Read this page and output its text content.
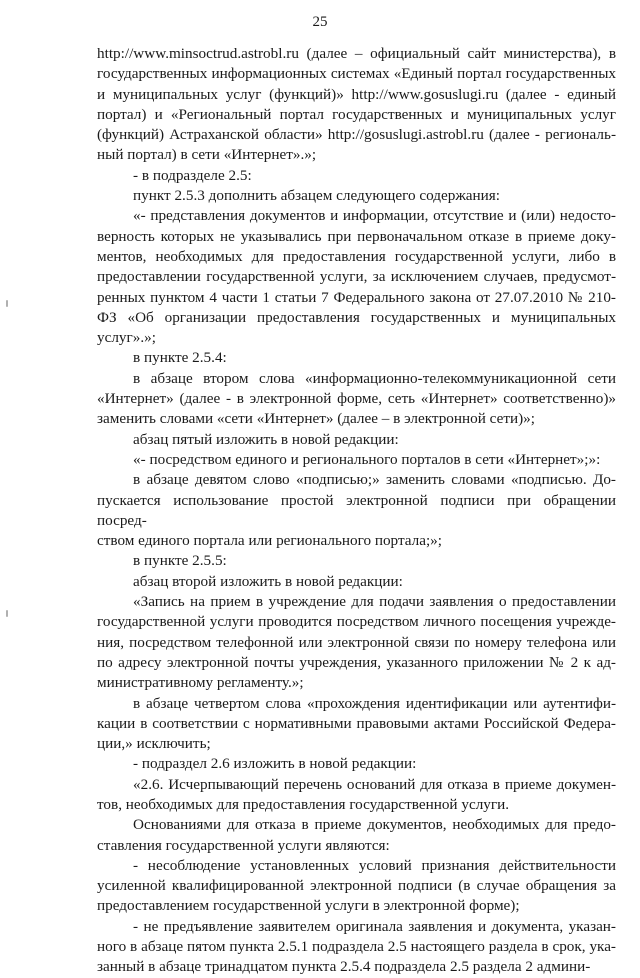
25

http://www.minsoctrud.astrobl.ru (далее – официальный сайт министерства), в

государственных информационных системах «Единый портал государственных

и муниципальных услуг (функций)» http://www.gosuslugi.ru (далее - единый

портал) и «Региональный портал государственных и муниципальных услуг

(функций) Астраханской области» http://gosuslugi.astrobl.ru (далее - региональ-

ный портал) в сети «Интернет».»;

- в подразделе 2.5:

пункт 2.5.3 дополнить абзацем следующего содержания:

«- представления документов и информации, отсутствие и (или) недосто-

верность которых не указывались при первоначальном отказе в приеме доку-

ментов, необходимых для предоставления государственной услуги, либо в

предоставлении государственной услуги, за исключением случаев, предусмот-

ренных пунктом 4 части 1 статьи 7 Федерального закона от 27.07.2010 № 210-

ФЗ «Об организации предоставления государственных и муниципальных

услуг».»;

в пункте 2.5.4:

в абзаце втором слова «информационно-телекоммуникационной сети

«Интернет» (далее - в электронной форме, сеть «Интернет» соответственно)»

заменить словами «сети «Интернет» (далее – в электронной сети)»;

абзац пятый изложить в новой редакции:

«- посредством единого и регионального порталов в сети «Интернет»;»:

в абзаце девятом слово «подписью;» заменить словами «подписью. До-

пускается использование простой электронной подписи при обращении посред-

ством единого портала или регионального портала;»;

в пункте 2.5.5:

абзац второй изложить в новой редакции:

«Запись на прием в учреждение для подачи заявления о предоставлении

государственной услуги проводится посредством личного посещения учрежде-

ния, посредством телефонной или электронной связи по номеру телефона или

по адресу электронной почты учреждения, указанного приложении № 2 к ад-

министративному регламенту.»;

в абзаце четвертом слова «прохождения идентификации или аутентифи-

кации в соответствии с нормативными правовыми актами Российской Федера-

ции,» исключить;

- подраздел 2.6 изложить в новой редакции:

«2.6. Исчерпывающий перечень оснований для отказа в приеме докумен-

тов, необходимых для предоставления государственной услуги.

Основаниями для отказа в приеме документов, необходимых для предо-

ставления государственной услуги являются:

- несоблюдение установленных условий признания действительности

усиленной квалифицированной электронной подписи (в случае обращения за

предоставлением государственной услуги в электронной форме);

- не предъявление заявителем оригинала заявления и документа, указан-

ного в абзаце пятом пункта 2.5.1 подраздела 2.5 настоящего раздела в срок, ука-

занный в абзаце тринадцатом пункта 2.5.4 подраздела 2.5 раздела 2 админи-
